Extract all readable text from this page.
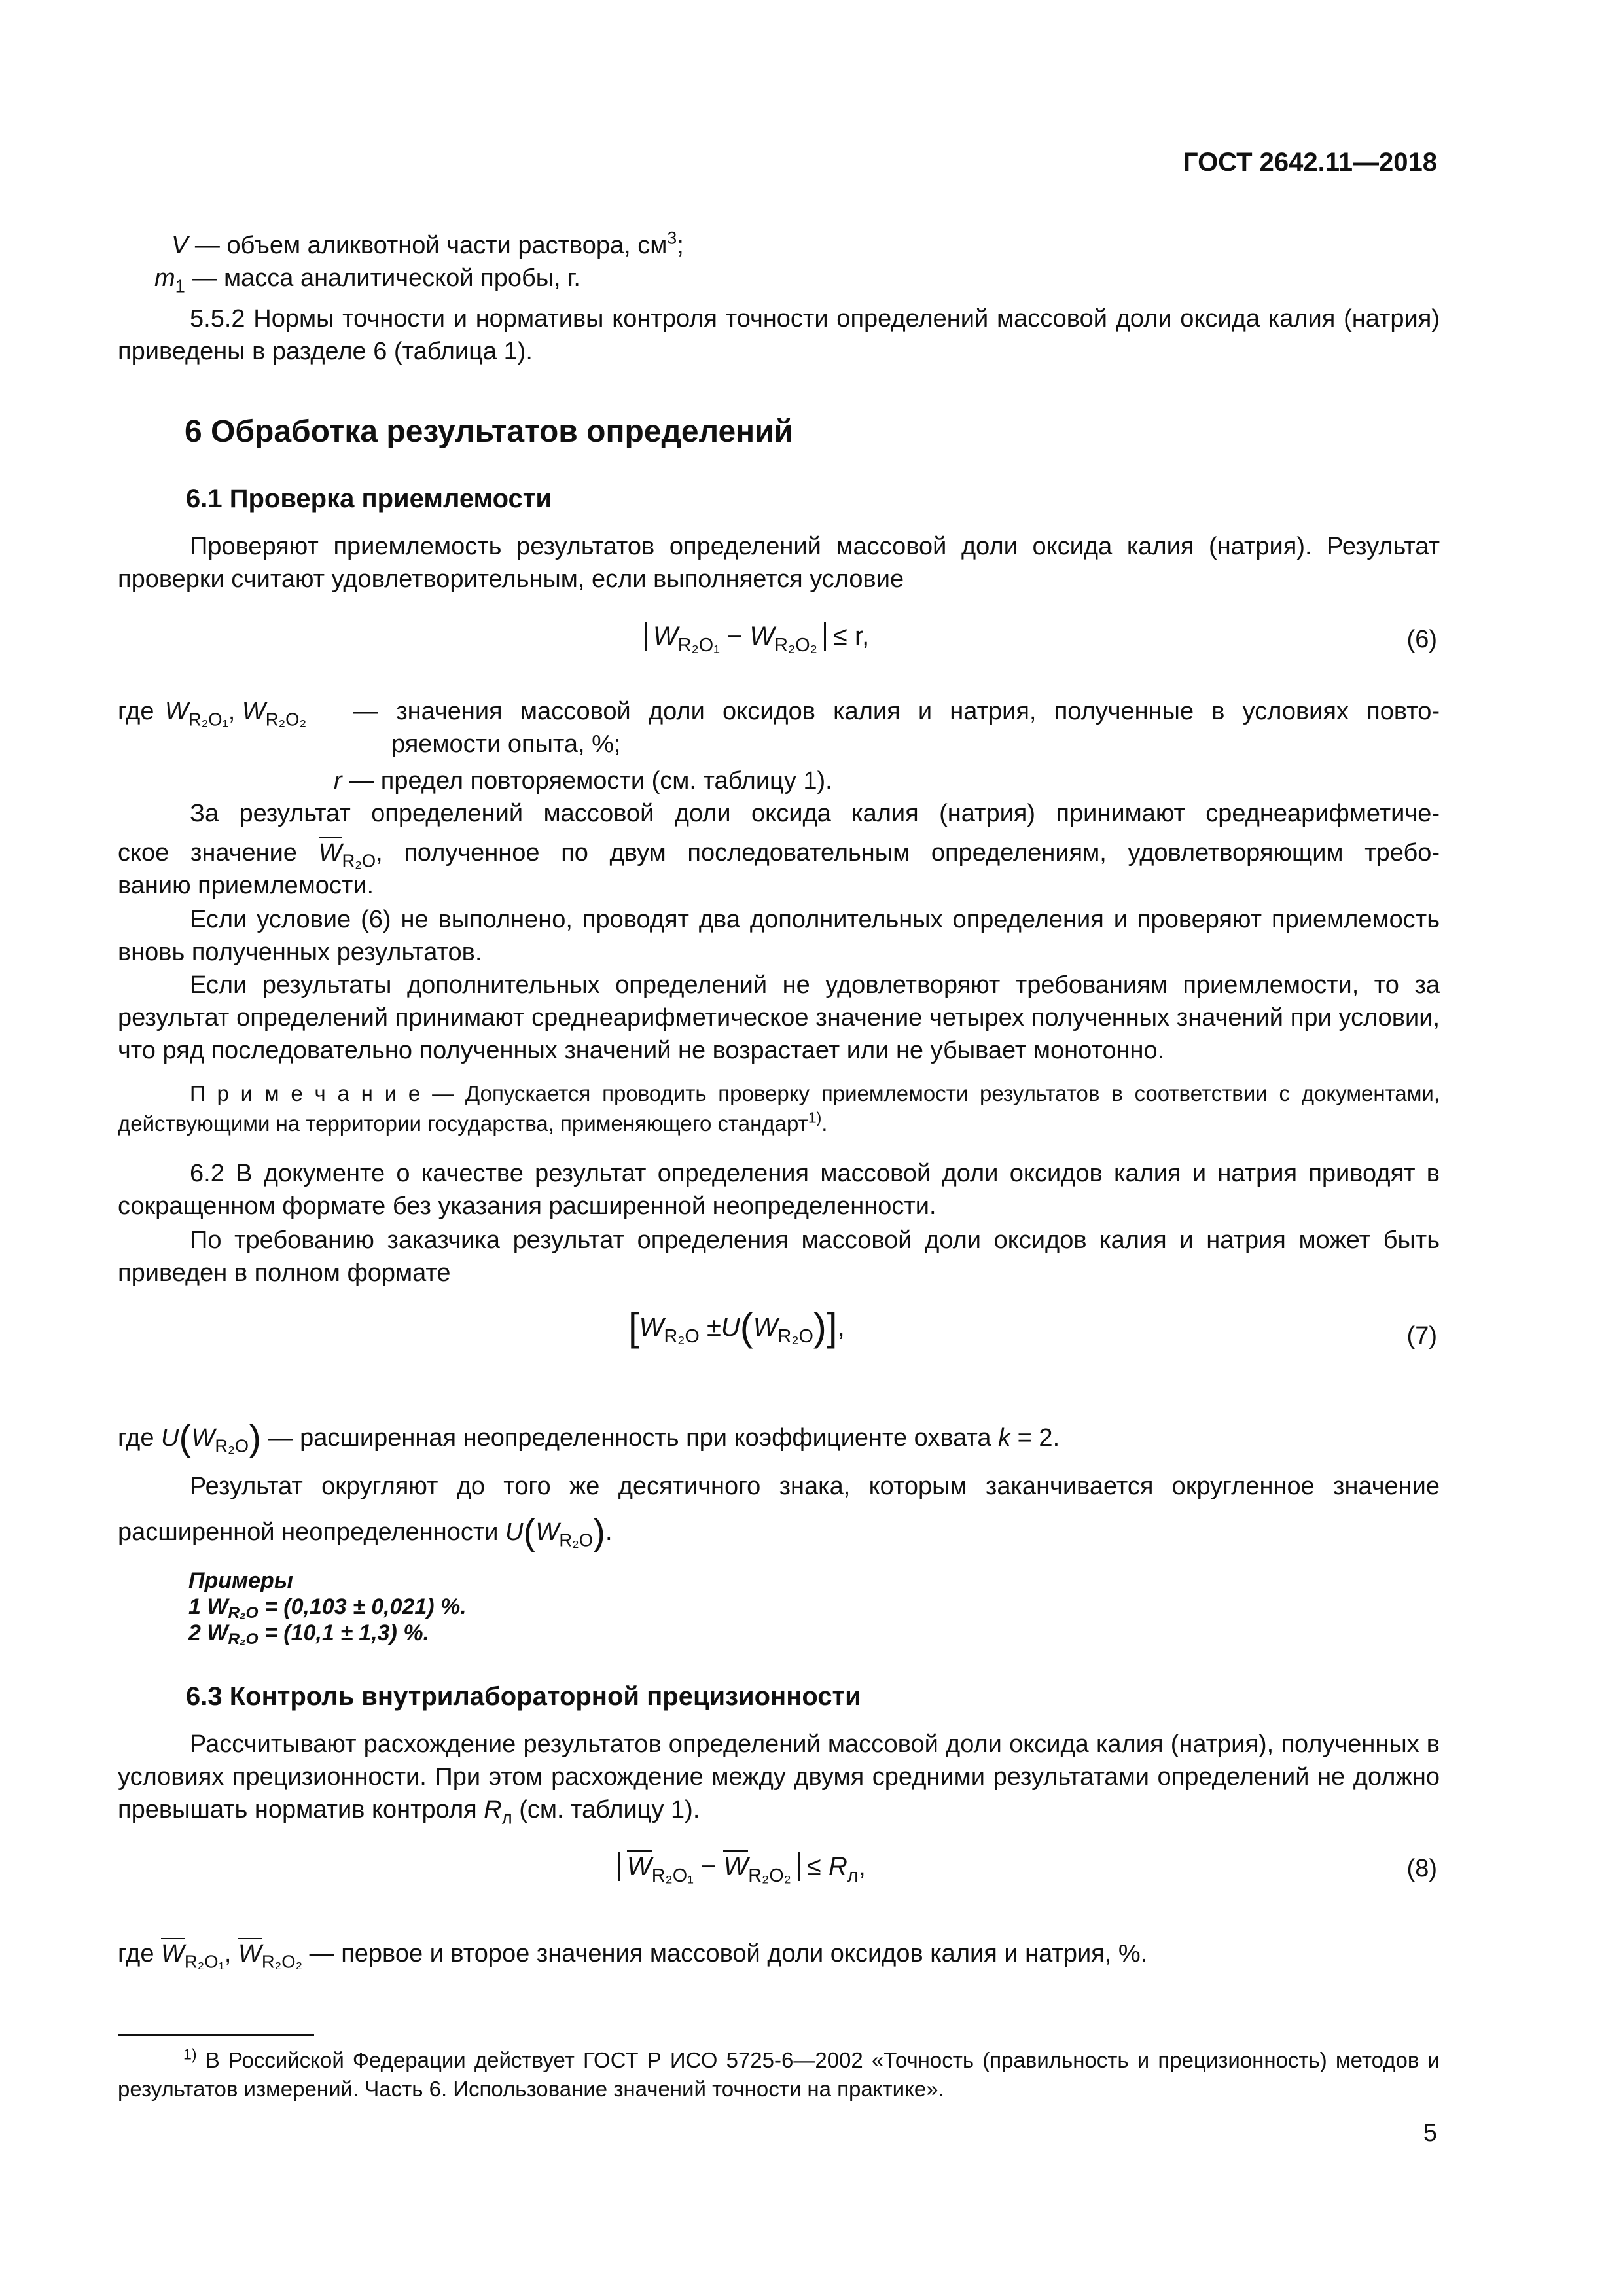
ГОСТ 2642.11—2018
V — объем аликвотной части раствора, $см^3$;
$m_1$ — масса аналитической пробы, г.
5.5.2 Нормы точности и нормативы контроля точности определений массовой доли оксида калия (натрия) приведены в разделе 6 (таблица 1).
6 Обработка результатов определений
6.1 Проверка приемлемости
Проверяют приемлемость результатов определений массовой доли оксида калия (натрия). Результат проверки считают удовлетворительным, если выполняется условие
$W_{R_2O_1} - W_{R_2O_2} \le r$,	(6)
где $W_{R_2O_1}$, $W_{R_2O_2}$ — значения массовой доли оксидов калия и натрия, полученные в условиях повто-
ряемости опыта, %;
r — предел повторяемости (см. таблицу 1).
За результат определений массовой доли оксида калия (натрия) принимают среднеарифметиче-
ское значение $W_{R_2O}$, полученное по двум последовательным определениям, удовлетворяющим требо-
ванию приемлемости.
Если условие (6) не выполнено, проводят два дополнительных определения и проверяют приемлемость вновь полученных результатов.
Если результаты дополнительных определений не удовлетворяют требованиям приемлемости, то за результат определений принимают среднеарифметическое значение четырех полученных значений при условии, что ряд последовательно полученных значений не возрастает или не убывает монотонно.
П р и м е ч а н и е — Допускается проводить проверку приемлемости результатов в соответствии с документами, действующими на территории государства, применяющего стандарт$^{1)}$.
6.2 В документе о качестве результат определения массовой доли оксидов калия и натрия приводят в сокращенном формате без указания расширенной неопределенности.
По требованию заказчика результат определения массовой доли оксидов калия и натрия может быть приведен в полном формате
$[W_{R_2O} \pm U(W_{R_2O})]$,	(7)
где $U(W_{R_2O})$ — расширенная неопределенность при коэффициенте охвата k = 2.
Результат округляют до того же десятичного знака, которым заканчивается округленное значение
расширенной неопределенности $U(W_{R_2O})$.
Примеры
1 $W_{R_2O} = (0,103 \pm 0,021)$ %.
2 $W_{R_2O} = (10,1 \pm 1,3)$ %.
6.3 Контроль внутрилабораторной прецизионности
Рассчитывают расхождение результатов определений массовой доли оксида калия (натрия), полученных в условиях прецизионности. При этом расхождение между двумя средними результатами определений не должно превышать норматив контроля $R_л$ (см. таблицу 1).
$W_{R_2O_1} - W_{R_2O_2} \le R_л$,	(8)
где $W_{R_2O_1}$, $W_{R_2O_2}$ — первое и второе значения массовой доли оксидов калия и натрия, %.
$^{1)}$ В Российской Федерации действует ГОСТ Р ИСО 5725-6—2002 «Точность (правильность и прецизионность) методов и результатов измерений. Часть 6. Использование значений точности на практике».
5
